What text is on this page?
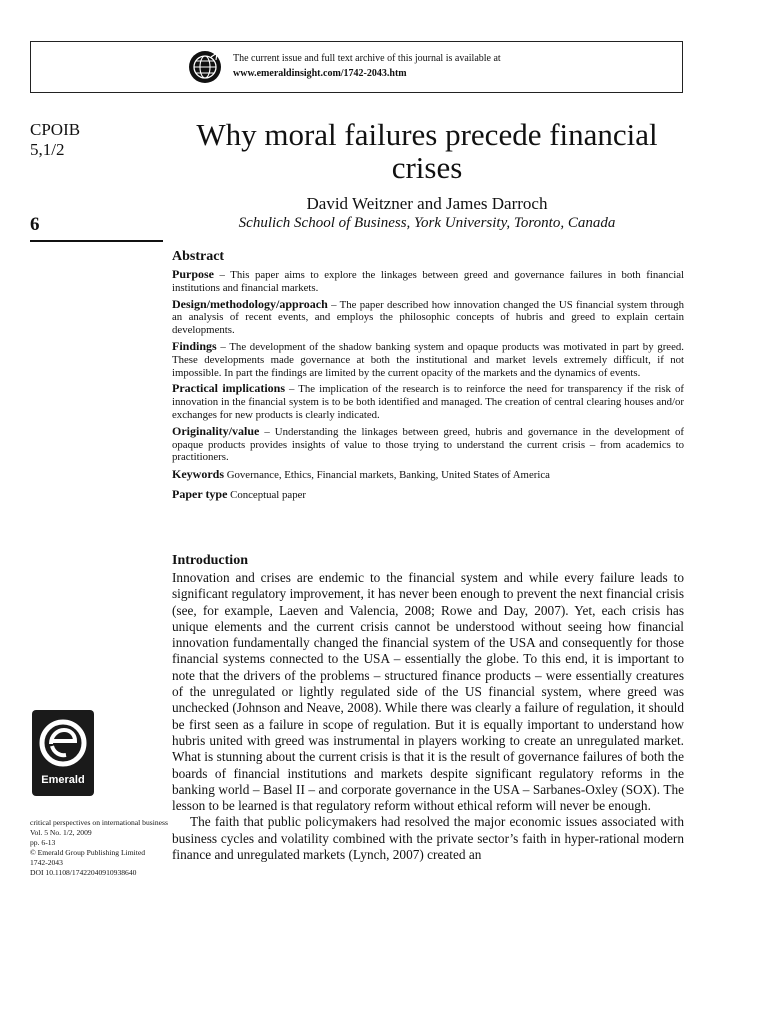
The current issue and full text archive of this journal is available at
www.emeraldinsight.com/1742-2043.htm
CPOIB
5,1/2
6
Why moral failures precede financial crises
David Weitzner and James Darroch
Schulich School of Business, York University, Toronto, Canada
Abstract
Purpose – This paper aims to explore the linkages between greed and governance failures in both financial institutions and financial markets.
Design/methodology/approach – The paper described how innovation changed the US financial system through an analysis of recent events, and employs the philosophic concepts of hubris and greed to explain certain developments.
Findings – The development of the shadow banking system and opaque products was motivated in part by greed. These developments made governance at both the institutional and market levels extremely difficult, if not impossible. In part the findings are limited by the current opacity of the markets and the dynamics of events.
Practical implications – The implication of the research is to reinforce the need for transparency if the risk of innovation in the financial system is to be both identified and managed. The creation of central clearing houses and/or exchanges for new products is clearly indicated.
Originality/value – Understanding the linkages between greed, hubris and governance in the development of opaque products provides insights of value to those trying to understand the current crisis – from academics to practitioners.
Keywords Governance, Ethics, Financial markets, Banking, United States of America
Paper type Conceptual paper
Introduction

Innovation and crises are endemic to the financial system and while every failure leads to significant regulatory improvement, it has never been enough to prevent the next financial crisis (see, for example, Laeven and Valencia, 2008; Rowe and Day, 2007). Yet, each crisis has unique elements and the current crisis cannot be understood without seeing how financial innovation fundamentally changed the financial system of the USA and consequently for those financial systems connected to the USA – essentially the globe. To this end, it is important to note that the drivers of the problems – structured finance products – were essentially creatures of the unregulated or lightly regulated side of the US financial system, where greed was unchecked (Johnson and Neave, 2008). While there was clearly a failure of regulation, it should be first seen as a failure in scope of regulation. But it is equally important to understand how hubris united with greed was instrumental in players working to create an unregulated market. What is stunning about the current crisis is that it is the result of governance failures of both the boards of financial institutions and markets despite significant regulatory reforms in the banking world – Basel II – and corporate governance in the USA – Sarbanes-Oxley (SOX). The lesson to be learned is that regulatory reform without ethical reform will never be enough.

The faith that public policymakers had resolved the major economic issues associated with business cycles and volatility combined with the private sector’s faith in hyper-rational modern finance and unregulated markets (Lynch, 2007) created an

Emerald
critical perspectives on international business
Vol. 5 No. 1/2, 2009
pp. 6-13
© Emerald Group Publishing Limited
1742-2043
DOI 10.1108/17422040910938640
